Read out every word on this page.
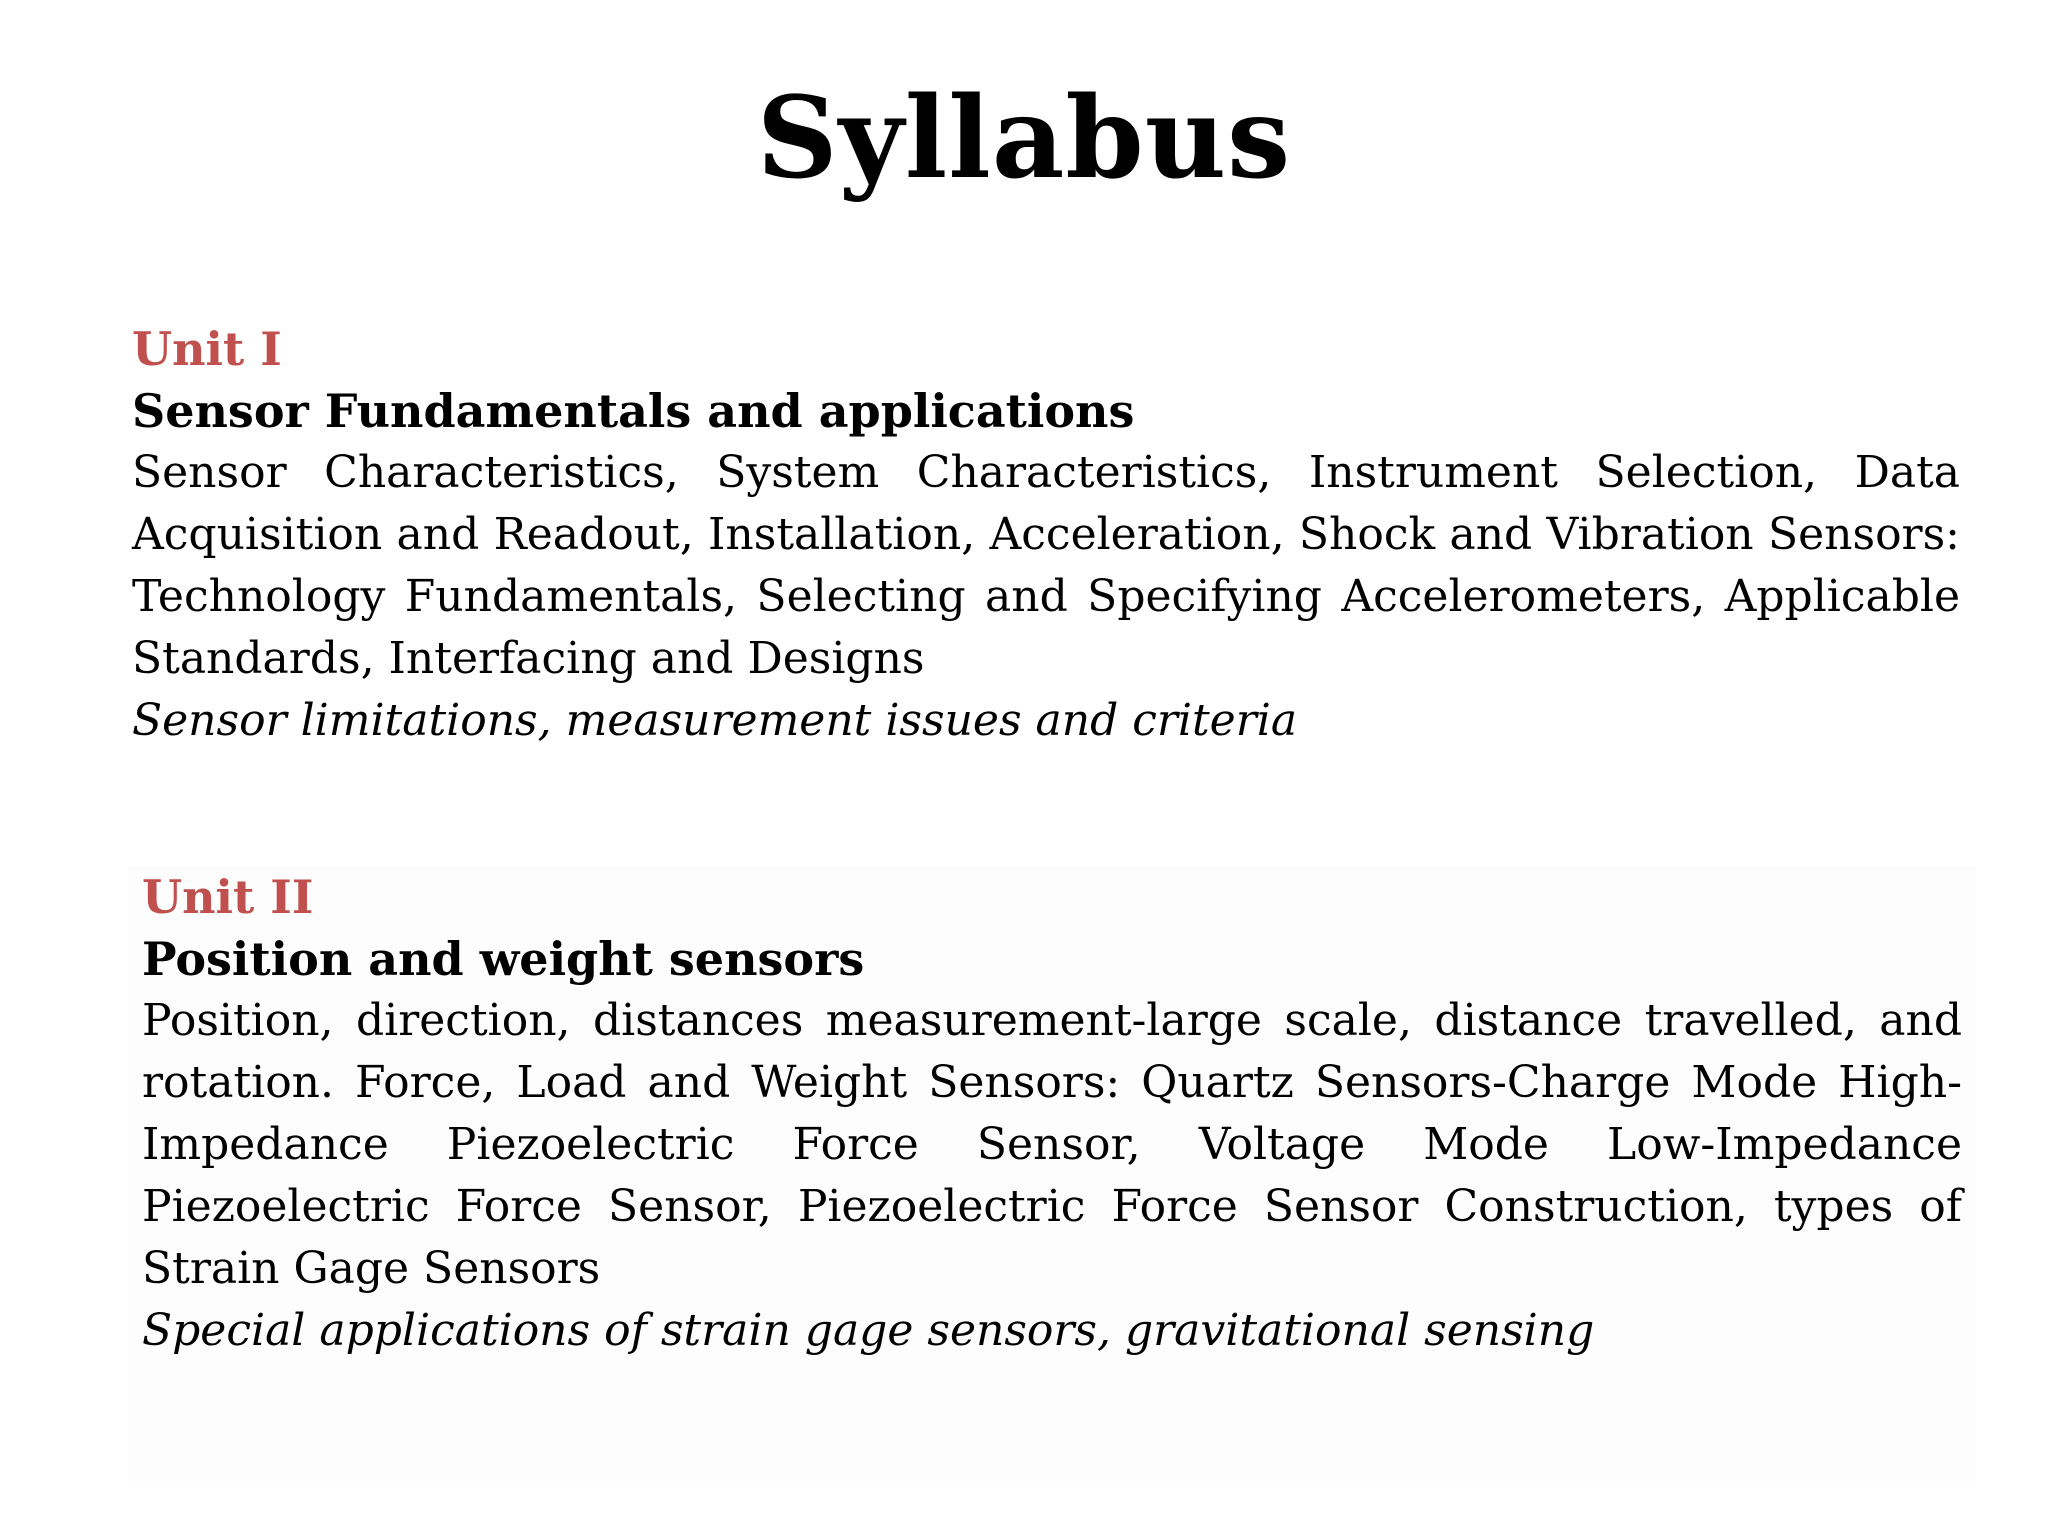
Syllabus
Unit I
Sensor Fundamentals and applications
Sensor Characteristics, System Characteristics, Instrument Selection, Data Acquisition and Readout, Installation, Acceleration, Shock and Vibration Sensors: Technology Fundamentals, Selecting and Specifying Accelerometers, Applicable Standards, Interfacing and Designs
Sensor limitations, measurement issues and criteria
Unit II
Position and weight sensors
Position, direction, distances measurement-large scale, distance travelled, and rotation. Force, Load and Weight Sensors: Quartz Sensors-Charge Mode High-Impedance Piezoelectric Force Sensor, Voltage Mode Low-Impedance Piezoelectric Force Sensor, Piezoelectric Force Sensor Construction, types of Strain Gage Sensors
Special applications of strain gage sensors, gravitational sensing
